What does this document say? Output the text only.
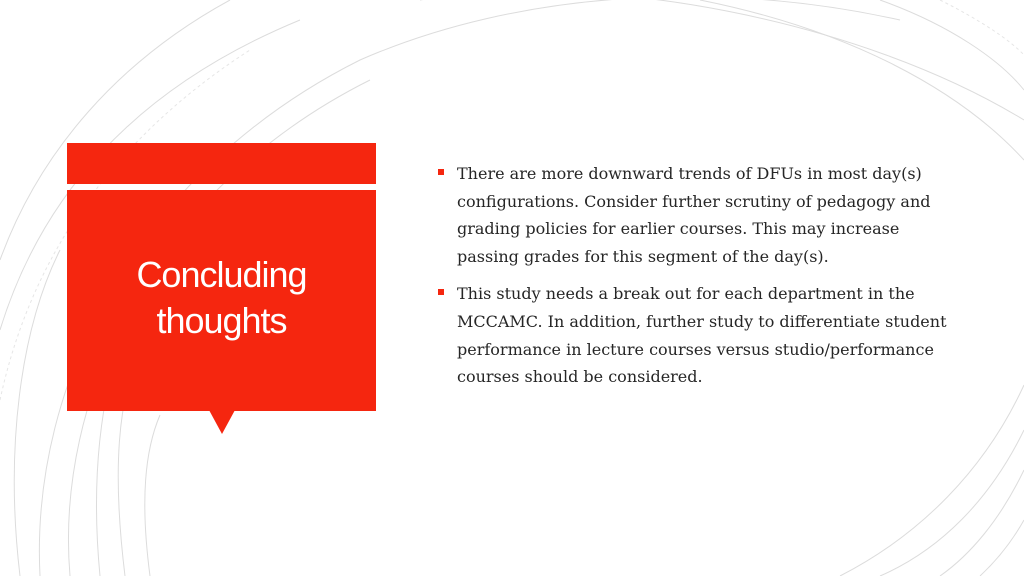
Concluding
thoughts
There are more downward trends of DFUs in most day(s) configurations. Consider further scrutiny of pedagogy and grading policies for earlier courses. This may increase passing grades for this segment of the day(s).
This study needs a break out for each department in the MCCAMC. In addition, further study to differentiate student performance in lecture courses versus studio/performance courses should be considered.
